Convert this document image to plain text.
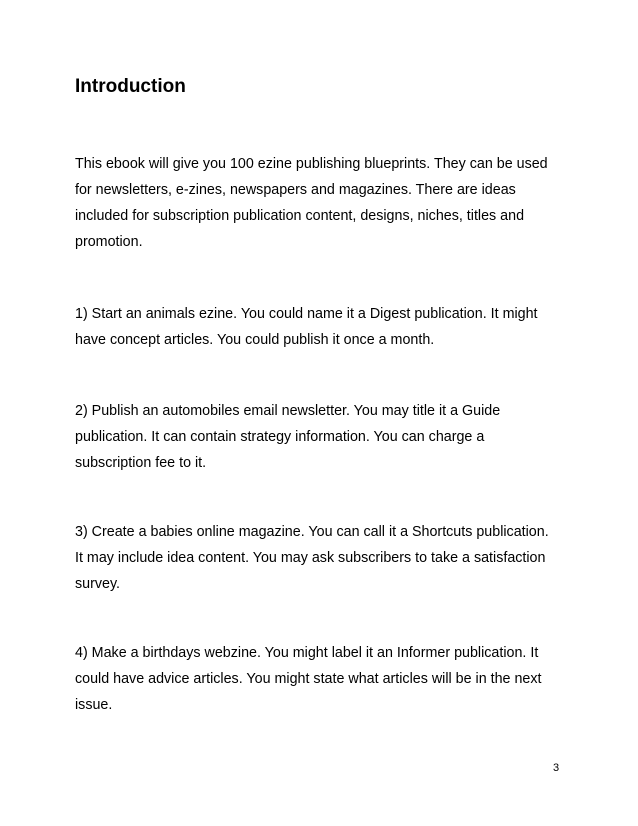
Introduction

This ebook will give you 100 ezine publishing blueprints. They can be used
for newsletters, e-zines, newspapers and magazines. There are ideas
included for subscription publication content, designs, niches, titles and
promotion.

1) Start an animals ezine. You could name it a Digest publication. It might
have concept articles. You could publish it once a month.

2) Publish an automobiles email newsletter. You may title it a Guide
publication. It can contain strategy information. You can charge a
subscription fee to it.

3) Create a babies online magazine. You can call it a Shortcuts publication.
It may include idea content. You may ask subscribers to take a satisfaction
survey.

4) Make a birthdays webzine. You might label it an Informer publication. It
could have advice articles. You might state what articles will be in the next
issue.

3
